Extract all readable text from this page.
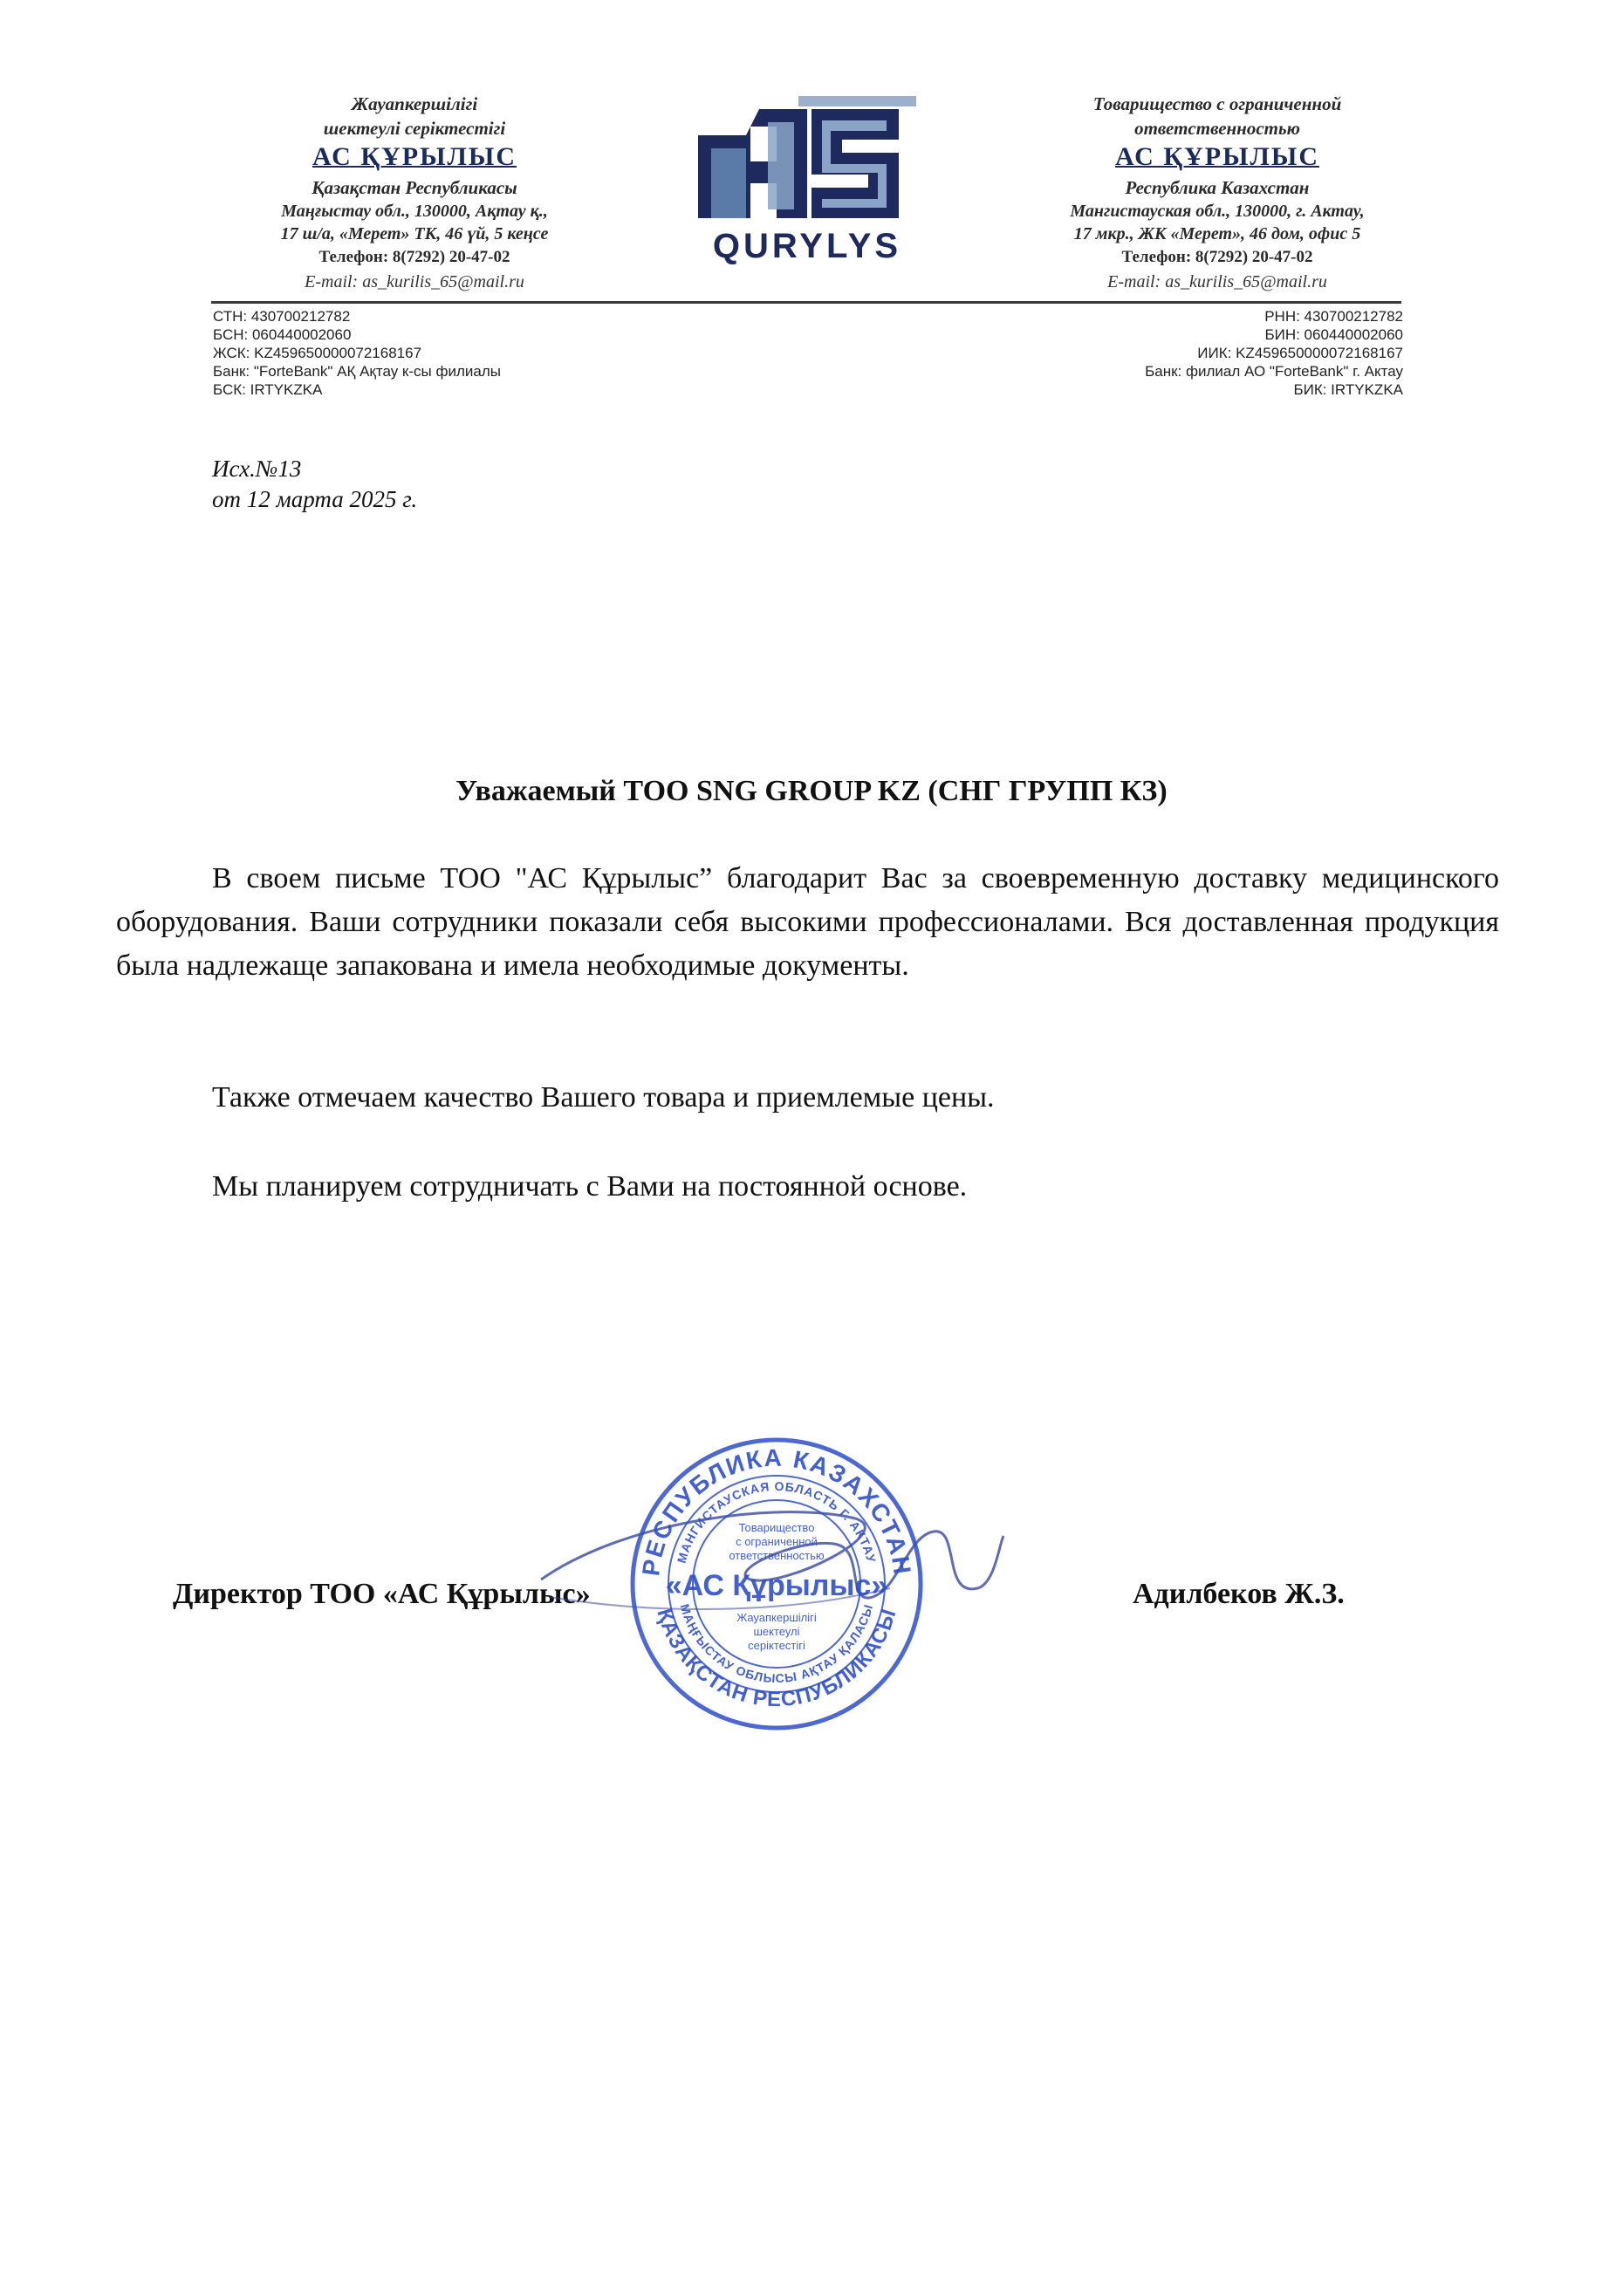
Жауапкершілігі
шектеулі серіктестігі
АС ҚҰРЫЛЫС
Қазақстан Республикасы
Маңғыстау обл., 130000, Ақтау қ.,
17 ш/а, «Мерет» ТК, 46 үй, 5 кеңсе
Телефон: 8(7292) 20-47-02
E-mail: as_kurilis_65@mail.ru
QURYLYS
Товарищество с ограниченной
ответственностью
АС ҚҰРЫЛЫС
Республика Казахстан
Мангистауская обл., 130000, г. Актау,
17 мкр., ЖК «Мерет», 46 дом, офис 5
Телефон: 8(7292) 20-47-02
E-mail: as_kurilis_65@mail.ru
СТН: 430700212782
БСН: 060440002060
ЖСК: KZ459650000072168167
Банк: "ForteBank" АҚ Ақтау к-сы филиалы
БСК: IRTYKZKA
РНН: 430700212782
БИН: 060440002060
ИИК: KZ459650000072168167
Банк: филиал АО "ForteBank" г. Актау
БИК: IRTYKZKA
Исх.№13
от 12 марта 2025 г.
Уважаемый ТОО SNG GROUP KZ (СНГ ГРУПП КЗ)
В своем письме ТОО "АС Құрылыс” благодарит Вас за своевременную доставку медицинского оборудования. Ваши сотрудники показали себя высокими профессионалами. Вся доставленная продукция была надлежаще запакована и имела необходимые документы.
Также отмечаем качество Вашего товара и приемлемые цены.
Мы планируем сотрудничать с Вами на постоянной основе.
Директор ТОО «АС Құрылыс»	Адилбеков Ж.З.
РЕСПУБЛИКА КАЗАХСТАН
ҚАЗАҚСТАН РЕСПУБЛИКАСЫ
МАНГИСТАУСКАЯ ОБЛАСТЬ Г. АКТАУ
МАҢҒЫСТАУ ОБЛЫСЫ АҚТАУ ҚАЛАСЫ
Товарищество
с ограниченной
ответственностью
«АС Құрылыс»
Жауапкершілігі
шектеулі
серіктестігі
